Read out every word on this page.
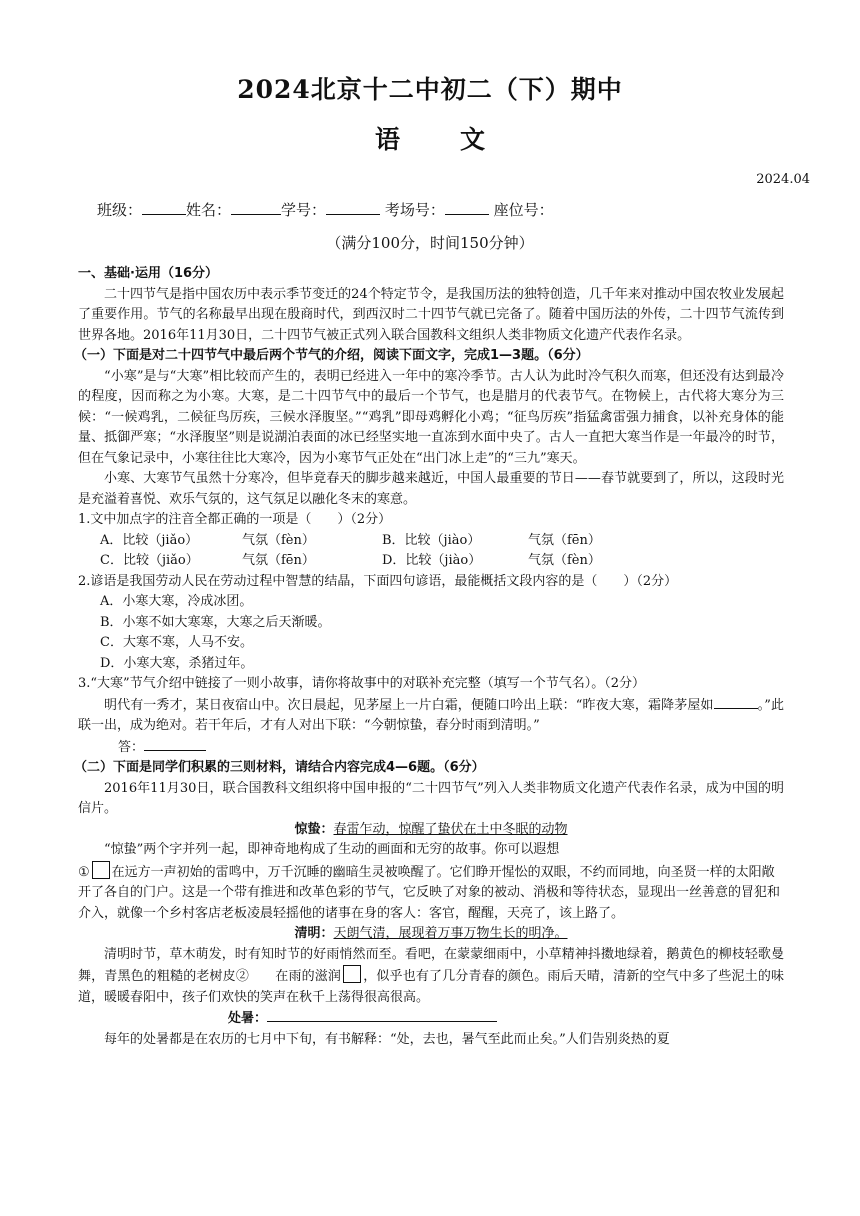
2024北京十二中初二（下）期中
语文
2024.04
班级：	姓名：	学号：	考场号：	座位号：
（满分100分，时间150分钟）

一、基础·运用（16分）

二十四节气是指中国农历中表示季节变迁的24个特定节令，是我国历法的独特创造，几千年来对推动中国农牧业发展起了重要作用。节气的名称最早出现在殷商时代，到西汉时二十四节气就已完备了。随着中国历法的外传，二十四节气流传到世界各地。2016年11月30日，二十四节气被正式列入联合国教科文组织人类非物质文化遗产代表作名录。

（一）下面是对二十四节气中最后两个节气的介绍，阅读下面文字，完成1—3题。（6分）

“小寒”是与“大寒”相比较而产生的，表明已经进入一年中的寒冷季节。古人认为此时冷气积久而寒，但还没有达到最冷的程度，因而称之为小寒。大寒，是二十四节气中的最后一个节气，也是腊月的代表节气。在物候上，古代将大寒分为三候：“一候鸡乳，二候征鸟厉疾，三候水泽腹坚。”“鸡乳”即母鸡孵化小鸡；“征鸟厉疾”指猛禽雷强力捕食，以补充身体的能量、抵御严寒；“水泽腹坚”则是说湖泊表面的冰已经坚实地一直冻到水面中央了。古人一直把大寒当作是一年最冷的时节，但在气象记录中，小寒往往比大寒冷，因为小寒节气正处在“出门冰上走”的“三九”寒天。

小寒、大寒节气虽然十分寒冷，但毕竟春天的脚步越来越近，中国人最重要的节日——春节就要到了，所以，这段时光是充溢着喜悦、欢乐气氛的，这气氛足以融化冬末的寒意。

1.文中加点字的注音全都正确的一项是（　　）（2分）

A．比较（jiǎo）	气氛（fèn）	B．比较（jiào）	气氛（fēn）
C．比较（jiǎo）	气氛（fēn）	D．比较（jiào）	气氛（fèn）

2.谚语是我国劳动人民在劳动过程中智慧的结晶，下面四句谚语，最能概括文段内容的是（　　）（2分）

A．小寒大寒，冷成冰团。

B．小寒不如大寒寒，大寒之后天渐暖。

C．大寒不寒，人马不安。

D．小寒大寒，杀猪过年。

3.“大寒”节气介绍中链接了一则小故事，请你将故事中的对联补充完整（填写一个节气名）。（2分）

明代有一秀才，某日夜宿山中。次日晨起，见茅屋上一片白霜，便随口吟出上联：“昨夜大寒，霜降茅屋如	。”此联一出，成为绝对。若干年后，才有人对出下联：“今朝惊蛰，春分时雨到清明。”

答：

（二）下面是同学们积累的三则材料，请结合内容完成4—6题。（6分）

2016年11月30日，联合国教科文组织将中国申报的“二十四节气”列入人类非物质文化遗产代表作名录，成为中国的明信片。

惊蛰：春雷乍动，惊醒了蛰伏在土中冬眠的动物

“惊蛰”两个字并列一起，即神奇地构成了生动的画面和无穷的故事。你可以遐想

① 在远方一声初始的雷鸣中，万千沉睡的幽暗生灵被唤醒了。它们睁开惺忪的双眼，不约而同地，向圣贤一样的太阳敞开了各自的门户。这是一个带有推进和改革色彩的节气，它反映了对象的被动、消极和等待状态，显现出一丝善意的冒犯和介入，就像一个乡村客店老板凌晨轻摇他的诸事在身的客人：客官，醒醒，天亮了，该上路了。

清明：天朗气清，展现着万事万物生长的明净。

清明时节，草木萌发，时有知时节的好雨悄然而至。看吧，在蒙蒙细雨中，小草精神抖擞地绿着，鹅黄色的柳枝轻歌曼舞，青黑色的粗糙的老树皮②　　在雨的滋润 ，似乎也有了几分青春的颜色。雨后天晴，清新的空气中多了些泥土的味道，暖暖春阳中，孩子们欢快的笑声在秋千上荡得很高很高。

处暑：

每年的处暑都是在农历的七月中下旬，有书解释：“处，去也，暑气至此而止矣。”人们告别炎热的夏
